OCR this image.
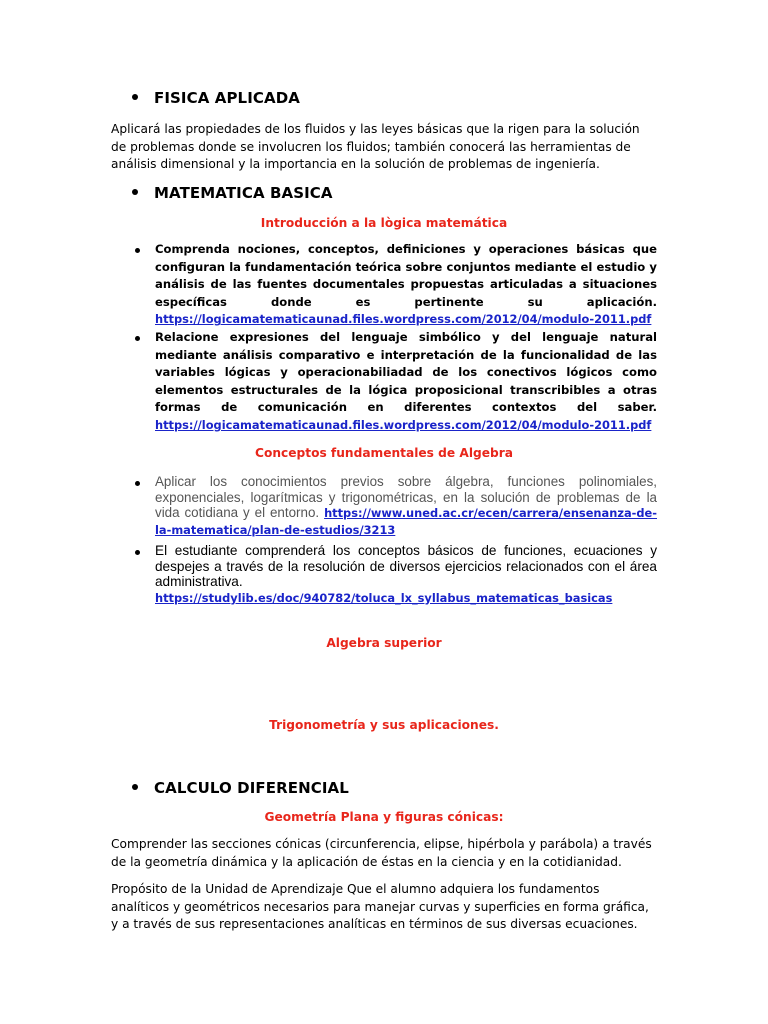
FISICA APLICADA
Aplicará las propiedades de los fluidos y las leyes básicas que la rigen para la solución de problemas donde se involucren los fluidos; también conocerá las herramientas de análisis dimensional y la importancia en la solución de problemas de ingeniería.
MATEMATICA BASICA
Introducción a la lògica matemática
Comprenda nociones, conceptos, definiciones y operaciones básicas que configuran la fundamentación teórica sobre conjuntos mediante el estudio y análisis de las fuentes documentales propuestas articuladas a situaciones específicas donde es pertinente su aplicación. https://logicamatematicaunad.files.wordpress.com/2012/04/modulo-2011.pdf
Relacione expresiones del lenguaje simbólico y del lenguaje natural mediante análisis comparativo e interpretación de la funcionalidad de las variables lógicas y operacionabiliadad de los conectivos lógicos como elementos estructurales de la lógica proposicional transcribibles a otras formas de comunicación en diferentes contextos del saber. https://logicamatematicaunad.files.wordpress.com/2012/04/modulo-2011.pdf
Conceptos fundamentales de Algebra
Aplicar los conocimientos previos sobre álgebra, funciones polinomiales, exponenciales, logarítmicas y trigonométricas, en la solución de problemas de la vida cotidiana y el entorno. https://www.uned.ac.cr/ecen/carrera/ensenanza-de-la-matematica/plan-de-estudios/3213
El estudiante comprenderá los conceptos básicos de funciones, ecuaciones y despejes a través de la resolución de diversos ejercicios relacionados con el área administrativa. https://studylib.es/doc/940782/toluca_lx_syllabus_matematicas_basicas
Algebra superior
Trigonometría y sus aplicaciones.
CALCULO DIFERENCIAL
Geometría Plana y figuras cónicas:
Comprender las secciones cónicas (circunferencia, elipse, hipérbola y parábola) a través de la geometría dinámica y la aplicación de éstas en la ciencia y en la cotidianidad.
Propósito de la Unidad de Aprendizaje Que el alumno adquiera los fundamentos analíticos y geométricos necesarios para manejar curvas y superficies en forma gráfica, y a través de sus representaciones analíticas en términos de sus diversas ecuaciones.
